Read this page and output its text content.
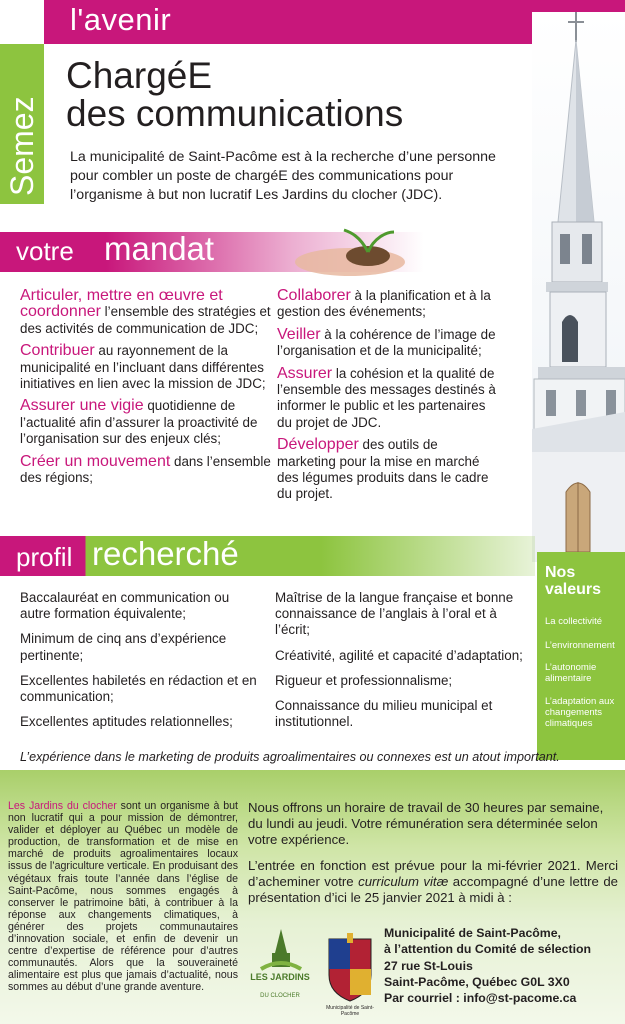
l'avenir
Semez
ChargéE
des communications
La municipalité de Saint-Pacôme est à la recherche d’une personne pour combler un poste de chargéE des communications pour l’organisme à but non lucratif Les Jardins du clocher (JDC).
votre mandat
Articuler, mettre en œuvre et coordonner l’ensemble des stratégies et des activités de communication de JDC;
Contribuer au rayonnement de la municipalité en l’incluant dans différentes initiatives en lien avec la mission de JDC;
Assurer une vigie quotidienne de l’actualité afin d’assurer la proactivité de l’organisation sur des enjeux clés;
Créer un mouvement dans l’ensemble des régions;
Collaborer à la planification et à la gestion des événements;
Veiller à la cohérence de l’image de l’organisation et de la municipalité;
Assurer la cohésion et la qualité de l’ensemble des messages destinés à informer le public et les partenaires du projet de JDC.
Développer des outils de marketing pour la mise en marché des légumes produits dans le cadre du projet.
profil recherché
Baccalauréat en communication ou autre formation équivalente;
Minimum de cinq ans d’expérience pertinente;
Excellentes habiletés en rédaction et en communication;
Excellentes aptitudes relationnelles;
Maîtrise de la langue française et bonne connaissance de l’anglais à l’oral et à l’écrit;
Créativité, agilité et capacité d’adaptation;
Rigueur et professionnalisme;
Connaissance du milieu municipal et institutionnel.
Nos
valeurs
La collectivité
L’environnement
L’autonomie alimentaire
L’adaptation aux changements climatiques
L’expérience dans le marketing de produits agroalimentaires ou connexes est un atout important.
Les Jardins du clocher sont un organisme à but non lucratif qui a pour mission de démontrer, valider et déployer au Québec un modèle de production, de transformation et de mise en marché de produits agroalimentaires locaux issus de l’agriculture verticale. En produisant des végétaux frais toute l’année dans l’église de Saint-Pacôme, nous sommes engagés à conserver le patrimoine bâti, à contribuer à la réponse aux changements climatiques, à générer des projets communautaires d’innovation sociale, et enfin de devenir un centre d’expertise de référence pour d’autres communautés. Alors que la souveraineté alimentaire est plus que jamais d’actualité, nous sommes au début d’une grande aventure.
Nous offrons un horaire de travail de 30 heures par semaine, du lundi au jeudi. Votre rémunération sera déterminée selon votre expérience.
L’entrée en fonction est prévue pour la mi-février 2021. Merci d’acheminer votre curriculum vitæ accompagné d’une lettre de présentation d’ici le 25 janvier 2021 à midi à :
LES JARDINS
DU CLOCHER
Municipalité de Saint-Pacôme
Municipalité de Saint-Pacôme,
à l’attention du Comité de sélection
27 rue St-Louis
Saint-Pacôme, Québec G0L 3X0
Par courriel : info@st-pacome.ca
